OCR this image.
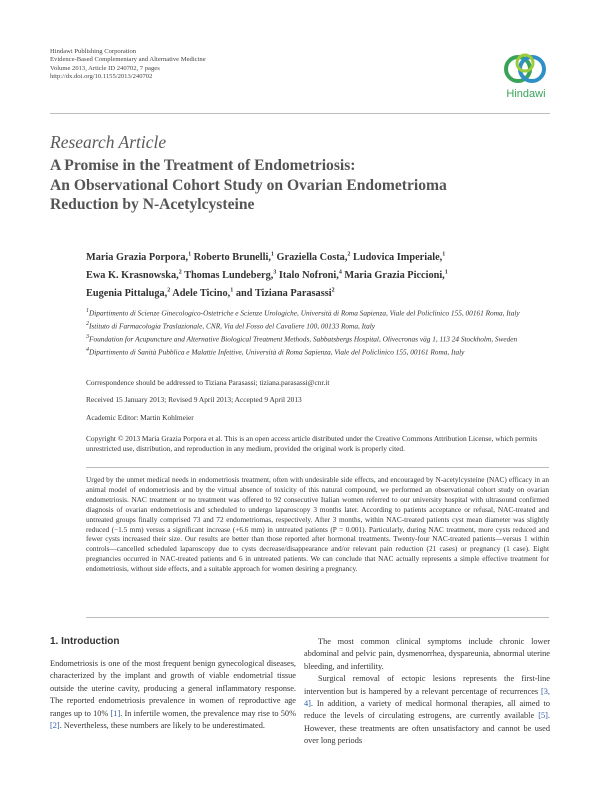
Hindawi Publishing Corporation
Evidence-Based Complementary and Alternative Medicine
Volume 2013, Article ID 240702, 7 pages
http://dx.doi.org/10.1155/2013/240702
Hindawi
Research Article
A Promise in the Treatment of Endometriosis:
An Observational Cohort Study on Ovarian Endometrioma
Reduction by N-Acetylcysteine
Maria Grazia Porpora,$^1$ Roberto Brunelli,$^1$ Graziella Costa,$^2$ Ludovica Imperiale,$^1$
Ewa K. Krasnowska,$^2$ Thomas Lundeberg,$^3$ Italo Nofroni,$^4$ Maria Grazia Piccioni,$^1$
Eugenia Pittaluga,$^2$ Adele Ticino,$^1$ and Tiziana Parasassi$^2$
$^1$Dipartimento di Scienze Ginecologico-Ostetriche e Scienze Urologiche, Università di Roma Sapienza, Viale del Policlinico 155, 00161 Roma, Italy
$^2$Istituto di Farmacologia Traslazionale, CNR, Via del Fosso del Cavaliere 100, 00133 Roma, Italy
$^3$Foundation for Acupuncture and Alternative Biological Treatment Methods, Sabbatsbergs Hospital, Olivecronas väg 1, 113 24 Stockholm, Sweden
$^4$Dipartimento di Sanità Pubblica e Malattie Infettive, Università di Roma Sapienza, Viale del Policlinico 155, 00161 Roma, Italy
Correspondence should be addressed to Tiziana Parasassi; tiziana.parasassi@cnr.it
Received 15 January 2013; Revised 9 April 2013; Accepted 9 April 2013
Academic Editor: Martin Kohlmeier
Copyright © 2013 Maria Grazia Porpora et al. This is an open access article distributed under the Creative Commons Attribution License, which permits unrestricted use, distribution, and reproduction in any medium, provided the original work is properly cited.
Urged by the unmet medical needs in endometriosis treatment, often with undesirable side effects, and encouraged by N-acetylcysteine (NAC) efficacy in an animal model of endometriosis and by the virtual absence of toxicity of this natural compound, we performed an observational cohort study on ovarian endometriosis. NAC treatment or no treatment was offered to 92 consecutive Italian women referred to our university hospital with ultrasound confirmed diagnosis of ovarian endometriosis and scheduled to undergo laparoscopy 3 months later. According to patients acceptance or refusal, NAC-treated and untreated groups finally comprised 73 and 72 endometriomas, respectively. After 3 months, within NAC-treated patients cyst mean diameter was slightly reduced (−1.5 mm) versus a significant increase (+6.6 mm) in untreated patients (P = 0.001). Particularly, during NAC treatment, more cysts reduced and fewer cysts increased their size. Our results are better than those reported after hormonal treatments. Twenty-four NAC-treated patients—versus 1 within controls—cancelled scheduled laparoscopy due to cysts decrease/disappearance and/or relevant pain reduction (21 cases) or pregnancy (1 case). Eight pregnancies occurred in NAC-treated patients and 6 in untreated patients. We can conclude that NAC actually represents a simple effective treatment for endometriosis, without side effects, and a suitable approach for women desiring a pregnancy.
1. Introduction

Endometriosis is one of the most frequent benign gynecological diseases, characterized by the implant and growth of viable endometrial tissue outside the uterine cavity, producing a general inflammatory response. The reported endometriosis prevalence in women of reproductive age ranges up to 10% [1]. In infertile women, the prevalence may rise to 50% [2]. Nevertheless, these numbers are likely to be underestimated.

The most common clinical symptoms include chronic lower abdominal and pelvic pain, dysmenorrhea, dyspareunia, abnormal uterine bleeding, and infertility.

Surgical removal of ectopic lesions represents the first-line intervention but is hampered by a relevant percentage of recurrences [3, 4]. In addition, a variety of medical hormonal therapies, all aimed to reduce the levels of circulating estrogens, are currently available [5]. However, these treatments are often unsatisfactory and cannot be used over long periods
